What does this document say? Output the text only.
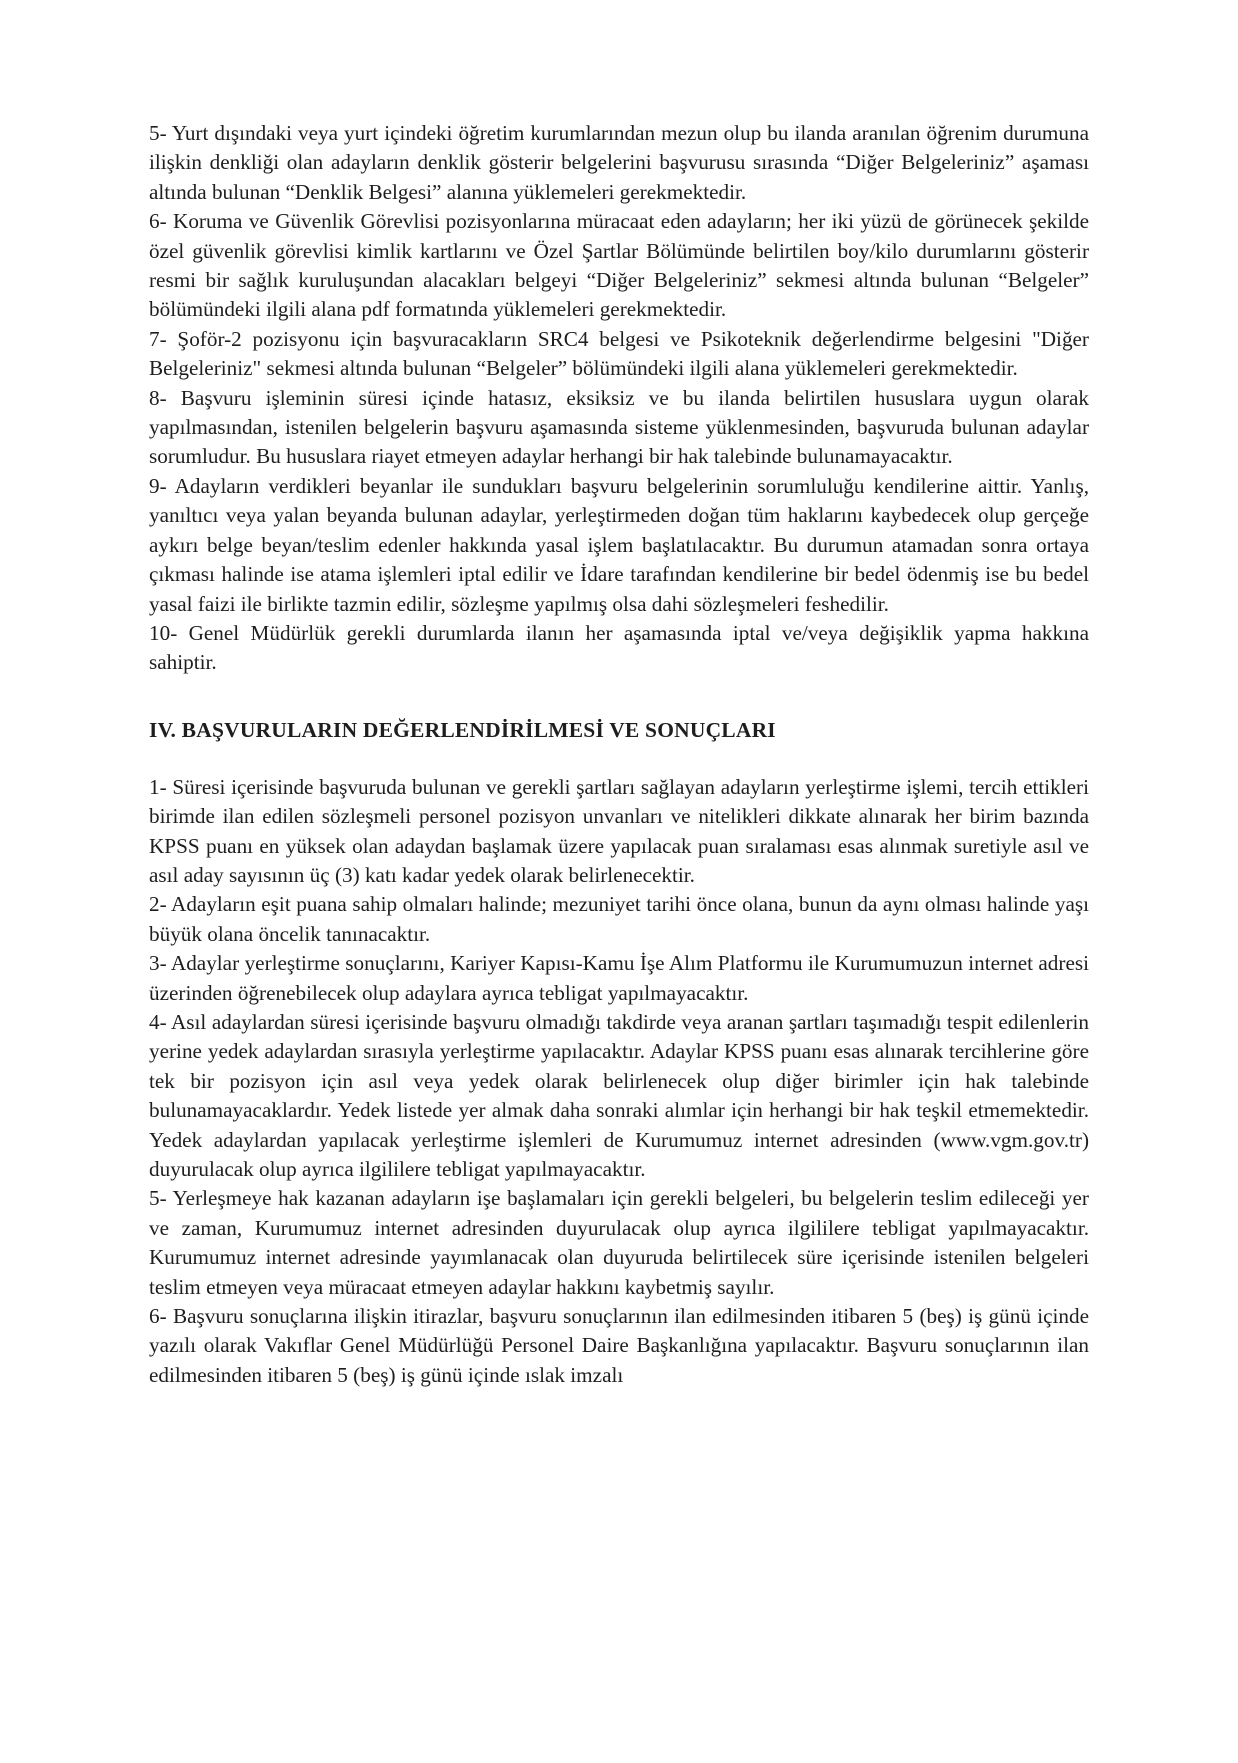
5- Yurt dışındaki veya yurt içindeki öğretim kurumlarından mezun olup bu ilanda aranılan öğrenim durumuna ilişkin denkliği olan adayların denklik gösterir belgelerini başvurusu sırasında “Diğer Belgeleriniz” aşaması altında bulunan “Denklik Belgesi” alanına yüklemeleri gerekmektedir.

6- Koruma ve Güvenlik Görevlisi pozisyonlarına müracaat eden adayların; her iki yüzü de görünecek şekilde özel güvenlik görevlisi kimlik kartlarını ve Özel Şartlar Bölümünde belirtilen boy/kilo durumlarını gösterir resmi bir sağlık kuruluşundan alacakları belgeyi “Diğer Belgeleriniz” sekmesi altında bulunan “Belgeler” bölümündeki ilgili alana pdf formatında yüklemeleri gerekmektedir.

7- Şoför-2 pozisyonu için başvuracakların SRC4 belgesi ve Psikoteknik değerlendirme belgesini "Diğer Belgeleriniz" sekmesi altında bulunan “Belgeler” bölümündeki ilgili alana yüklemeleri gerekmektedir.

8- Başvuru işleminin süresi içinde hatasız, eksiksiz ve bu ilanda belirtilen hususlara uygun olarak yapılmasından, istenilen belgelerin başvuru aşamasında sisteme yüklenmesinden, başvuruda bulunan adaylar sorumludur. Bu hususlara riayet etmeyen adaylar herhangi bir hak talebinde bulunamayacaktır.

9- Adayların verdikleri beyanlar ile sundukları başvuru belgelerinin sorumluluğu kendilerine aittir. Yanlış, yanıltıcı veya yalan beyanda bulunan adaylar, yerleştirmeden doğan tüm haklarını kaybedecek olup gerçeğe aykırı belge beyan/teslim edenler hakkında yasal işlem başlatılacaktır. Bu durumun atamadan sonra ortaya çıkması halinde ise atama işlemleri iptal edilir ve İdare tarafından kendilerine bir bedel ödenmiş ise bu bedel yasal faizi ile birlikte tazmin edilir, sözleşme yapılmış olsa dahi sözleşmeleri feshedilir.

10- Genel Müdürlük gerekli durumlarda ilanın her aşamasında iptal ve/veya değişiklik yapma hakkına sahiptir.

IV. BAŞVURULARIN DEĞERLENDİRİLMESİ VE SONUÇLARI

1- Süresi içerisinde başvuruda bulunan ve gerekli şartları sağlayan adayların yerleştirme işlemi, tercih ettikleri birimde ilan edilen sözleşmeli personel pozisyon unvanları ve nitelikleri dikkate alınarak her birim bazında KPSS puanı en yüksek olan adaydan başlamak üzere yapılacak puan sıralaması esas alınmak suretiyle asıl ve asıl aday sayısının üç (3) katı kadar yedek olarak belirlenecektir.

2- Adayların eşit puana sahip olmaları halinde; mezuniyet tarihi önce olana, bunun da aynı olması halinde yaşı büyük olana öncelik tanınacaktır.

3- Adaylar yerleştirme sonuçlarını, Kariyer Kapısı-Kamu İşe Alım Platformu ile Kurumumuzun internet adresi üzerinden öğrenebilecek olup adaylara ayrıca tebligat yapılmayacaktır.

4- Asıl adaylardan süresi içerisinde başvuru olmadığı takdirde veya aranan şartları taşımadığı tespit edilenlerin yerine yedek adaylardan sırasıyla yerleştirme yapılacaktır. Adaylar KPSS puanı esas alınarak tercihlerine göre tek bir pozisyon için asıl veya yedek olarak belirlenecek olup diğer birimler için hak talebinde bulunamayacaklardır. Yedek listede yer almak daha sonraki alımlar için herhangi bir hak teşkil etmemektedir. Yedek adaylardan yapılacak yerleştirme işlemleri de Kurumumuz internet adresinden (www.vgm.gov.tr) duyurulacak olup ayrıca ilgililere tebligat yapılmayacaktır.

5- Yerleşmeye hak kazanan adayların işe başlamaları için gerekli belgeleri, bu belgelerin teslim edileceği yer ve zaman, Kurumumuz internet adresinden duyurulacak olup ayrıca ilgililere tebligat yapılmayacaktır. Kurumumuz internet adresinde yayımlanacak olan duyuruda belirtilecek süre içerisinde istenilen belgeleri teslim etmeyen veya müracaat etmeyen adaylar hakkını kaybetmiş sayılır.

6- Başvuru sonuçlarına ilişkin itirazlar, başvuru sonuçlarının ilan edilmesinden itibaren 5 (beş) iş günü içinde yazılı olarak Vakıflar Genel Müdürlüğü Personel Daire Başkanlığına yapılacaktır. Başvuru sonuçlarının ilan edilmesinden itibaren 5 (beş) iş günü içinde ıslak imzalı
